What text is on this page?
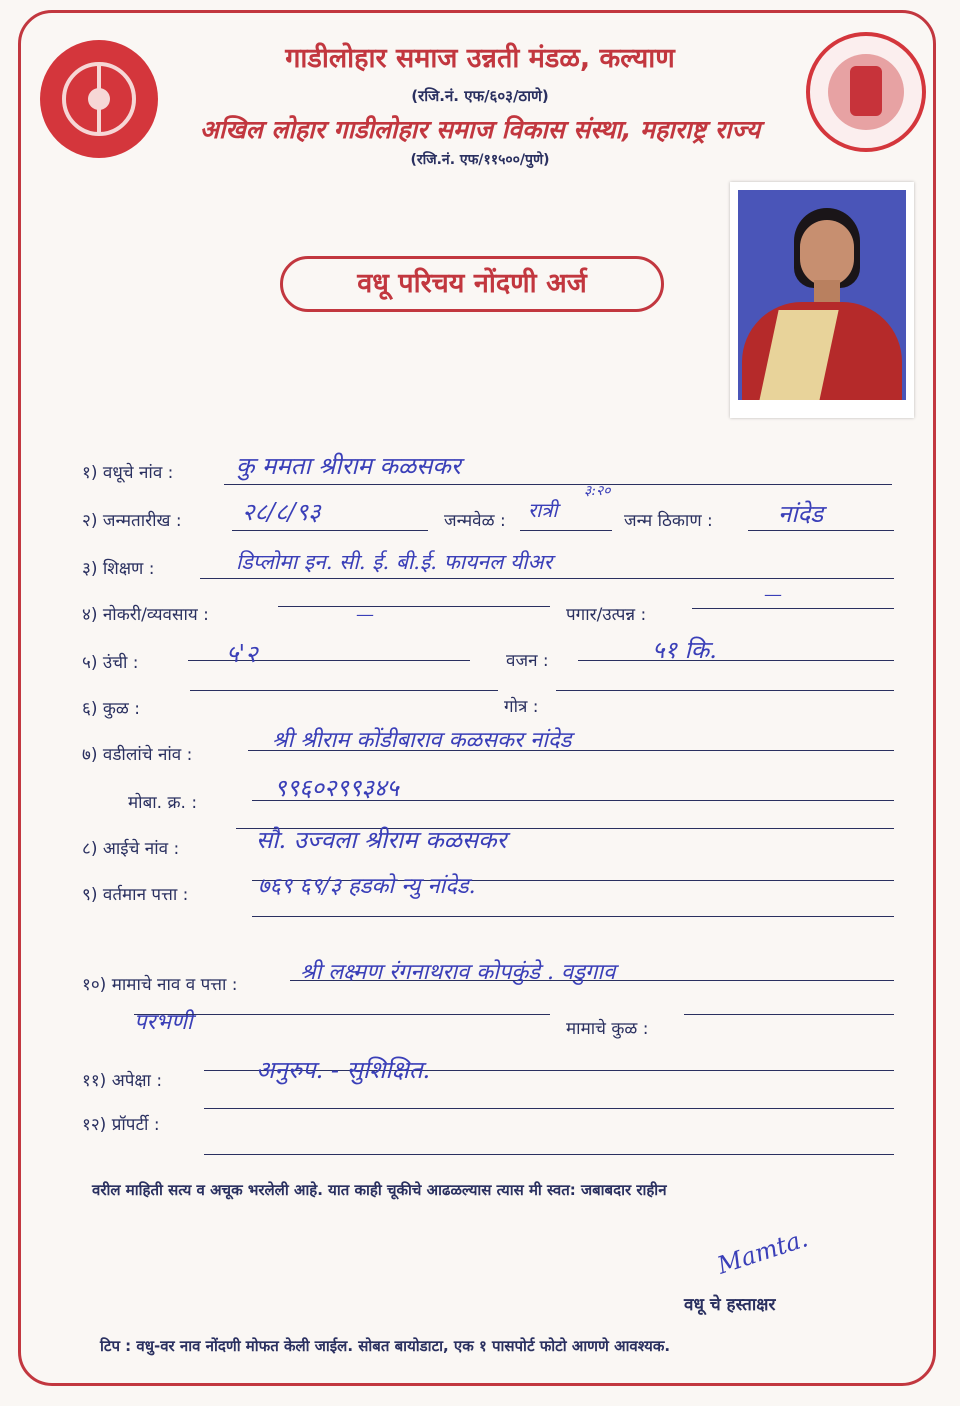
गाडीलोहार समाज उन्नती मंडळ, कल्याण
(रजि.नं. एफ/६०३/ठाणे)
अखिल लोहार गाडीलोहार समाज विकास संस्था, महाराष्ट्र राज्य
(रजि.नं. एफ/११५००/पुणे)
वधू परिचय नोंदणी अर्ज
१) वधूचे नांव :	कु ममता श्रीराम कळसकर
२) जन्मतारीख :	२८/८/९३	जन्मवेळ : रात्री
३:२०
जन्म ठिकाण :	नांदेड
३) शिक्षण :	डिप्लोमा इन. सी. ई. बी.ई. फायनल यीअर
४) नोकरी/व्यवसाय :	—	पगार/उत्पन्न :
—
५) उंची :	५'२	वजन :	५१ कि.
६) कुळ :	गोत्र :
७) वडीलांचे नांव :
श्री श्रीराम कोंडीबाराव कळसकर नांदेड
मोबा. क्र. :
९९६०२९९३४५
८) आईचे नांव :	सौ. उज्वला श्रीराम कळसकर
९) वर्तमान पत्ता :	७६९ ६९/३ हडको न्यु नांदेड.
१०) मामाचे नाव व पत्ता :	श्री लक्ष्मण रंगनाथराव कोपकुंडे . वडुगाव
परभणी	मामाचे कुळ :
११) अपेक्षा :	अनुरुप. - सुशिक्षित.
१२) प्रॉपर्टी :
वरील माहिती सत्य व अचूक भरलेली आहे. यात काही चूकीचे आढळल्यास त्यास मी स्वत: जबाबदार राहीन
Mamta.
वधू चे हस्ताक्षर
टिप : वधु-वर नाव नोंदणी मोफत केली जाईल. सोबत बायोडाटा, एक १ पासपोर्ट फोटो आणणे आवश्यक.
